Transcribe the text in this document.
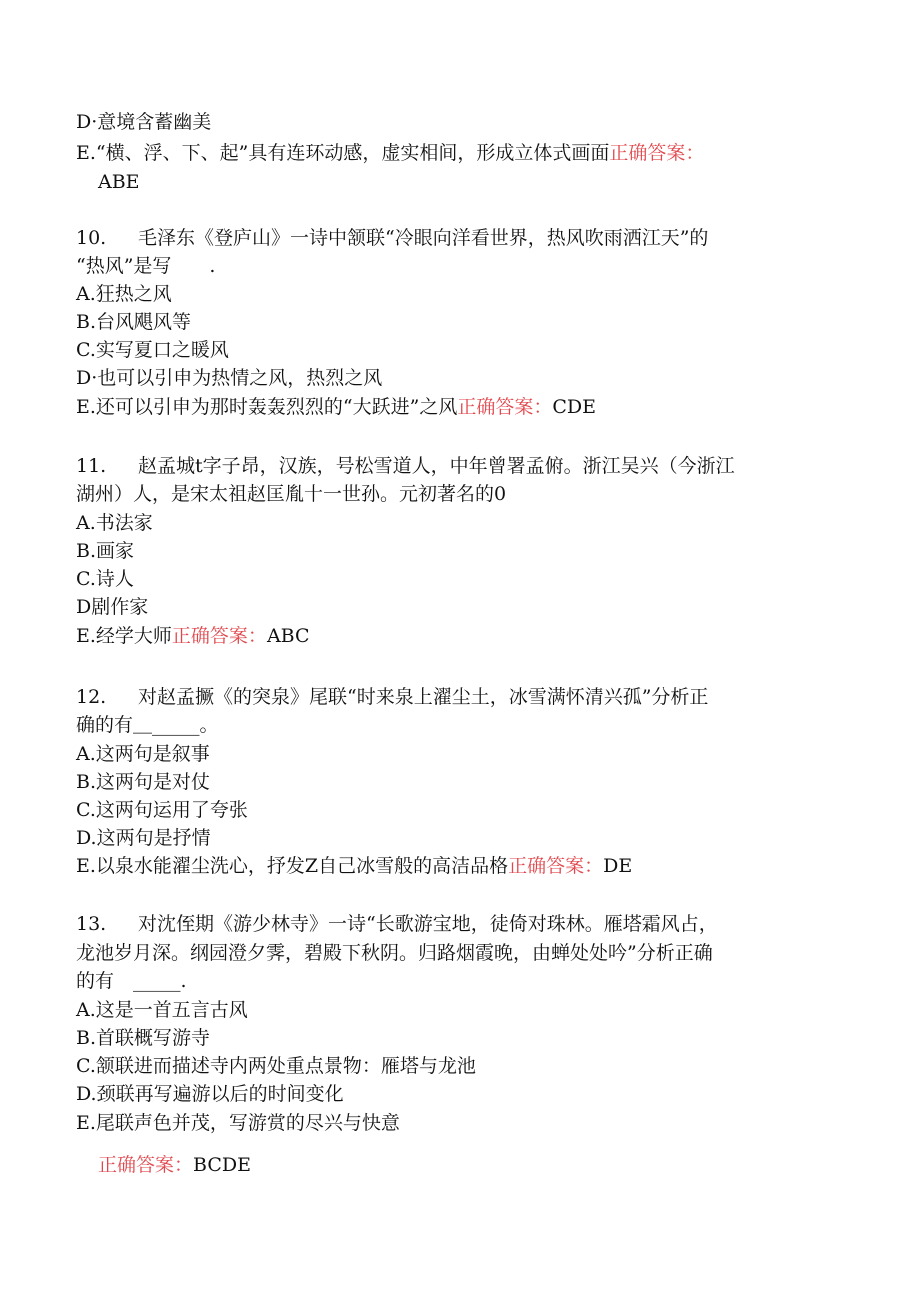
D·意境含蓄幽美
E.“横、浮、下、起”具有连环动感，虚实相间，形成立体式画面正确答案：
ABE
10. 毛泽东《登庐山》一诗中颔联“冷眼向洋看世界，热风吹雨洒江天”的
“热风”是写　　.
A.狂热之风
B.台风飓风等
C.实写夏口之暖风
D·也可以引申为热情之风，热烈之风
E.还可以引申为那时轰轰烈烈的“大跃进”之风正确答案：CDE
11. 赵孟城t字子昂，汉族，号松雪道人，中年曾署孟俯。浙江吴兴（今浙江
湖州）人，是宋太祖赵匡胤十一世孙。元初著名的0
A.书法家
B.画家
C.诗人
D剧作家
E.经学大师正确答案：ABC
12. 对赵孟撅《的突泉》尾联“时来泉上濯尘土，冰雪满怀清兴孤”分析正
确的有＿_____。
A.这两句是叙事
B.这两句是对仗
C.这两句运用了夸张
D.这两句是抒情
E.以泉水能濯尘洗心，抒发Z自己冰雪般的高洁品格正确答案：DE
13. 对沈侄期《游少林寺》一诗“长歌游宝地，徒倚对珠林。雁塔霜风占，
龙池岁月深。纲园澄夕霁，碧殿下秋阴。归路烟霞晚，由蝉处处吟”分析正确
的有　_____.
A.这是一首五言古风
B.首联概写游寺
C.颔联进而描述寺内两处重点景物：雁塔与龙池
D.颈联再写遍游以后的时间变化
E.尾联声色并茂，写游赏的尽兴与快意
正确答案：BCDE
